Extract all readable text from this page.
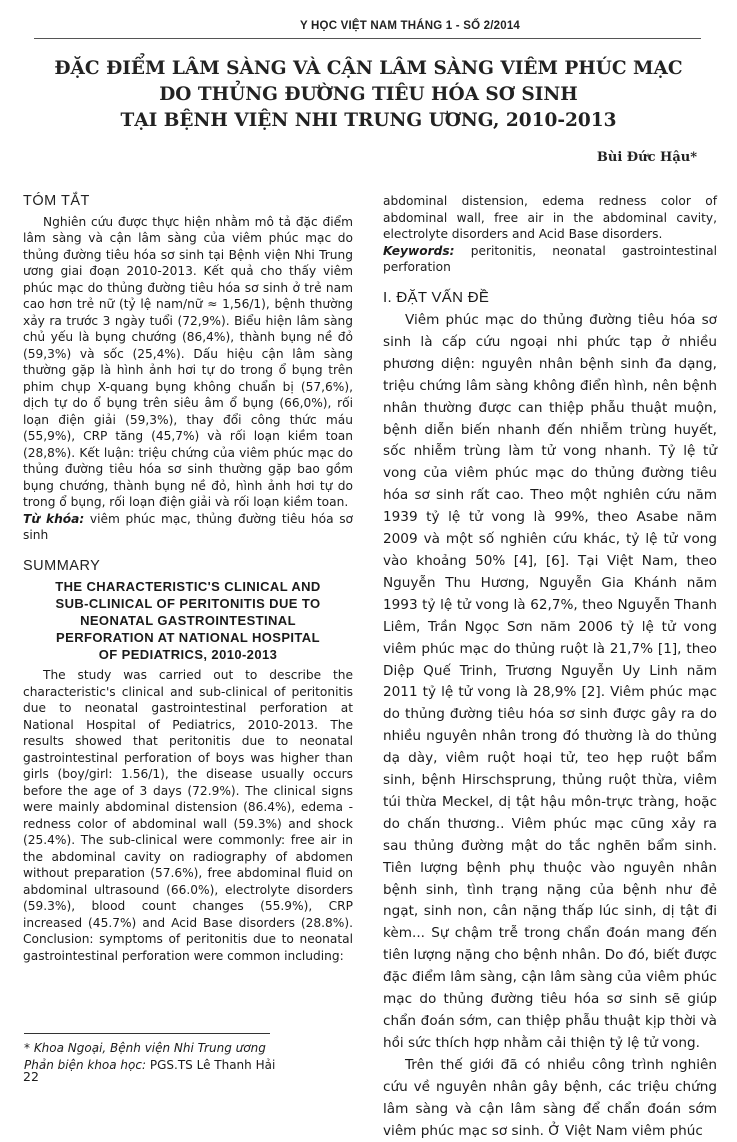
Y HỌC VIỆT NAM THÁNG 1 - SỐ 2/2014
ĐẶC ĐIỂM LÂM SÀNG VÀ CẬN LÂM SÀNG VIÊM PHÚC MẠC
DO THỦNG ĐƯỜNG TIÊU HÓA SƠ SINH
TẠI BỆNH VIỆN NHI TRUNG ƯƠNG, 2010-2013
Bùi Đức Hậu*
TÓM TẮT

Nghiên cứu được thực hiện nhằm mô tả đặc điểm lâm sàng và cận lâm sàng của viêm phúc mạc do thủng đường tiêu hóa sơ sinh tại Bệnh viện Nhi Trung ương giai đoạn 2010-2013. Kết quả cho thấy viêm phúc mạc do thủng đường tiêu hóa sơ sinh ở trẻ nam cao hơn trẻ nữ (tỷ lệ nam/nữ ≈ 1,56/1), bệnh thường xảy ra trước 3 ngày tuổi (72,9%). Biểu hiện lâm sàng chủ yếu là bụng chướng (86,4%), thành bụng nề đỏ (59,3%) và sốc (25,4%). Dấu hiệu cận lâm sàng thường gặp là hình ảnh hơi tự do trong ổ bụng trên phim chụp X-quang bụng không chuẩn bị (57,6%), dịch tự do ổ bụng trên siêu âm ổ bụng (66,0%), rối loạn điện giải (59,3%), thay đổi công thức máu (55,9%), CRP tăng (45,7%) và rối loạn kiềm toan (28,8%). Kết luận: triệu chứng của viêm phúc mạc do thủng đường tiêu hóa sơ sinh thường gặp bao gồm bụng chướng, thành bụng nề đỏ, hình ảnh hơi tự do trong ổ bụng, rối loạn điện giải và rối loạn kiềm toan.

Từ khóa: viêm phúc mạc, thủng đường tiêu hóa sơ sinh

SUMMARY
THE CHARACTERISTIC'S CLINICAL AND
SUB-CLINICAL OF PERITONITIS DUE TO
NEONATAL GASTROINTESTINAL
PERFORATION AT NATIONAL HOSPITAL
OF PEDIATRICS, 2010-2013

The study was carried out to describe the characteristic's clinical and sub-clinical of peritonitis due to neonatal gastrointestinal perforation at National Hospital of Pediatrics, 2010-2013. The results showed that peritonitis due to neonatal gastrointestinal perforation of boys was higher than girls (boy/girl: 1.56/1), the disease usually occurs before the age of 3 days (72.9%). The clinical signs were mainly abdominal distension (86.4%), edema - redness color of abdominal wall (59.3%) and shock (25.4%). The sub-clinical were commonly: free air in the abdominal cavity on radiography of abdomen without preparation (57.6%), free abdominal fluid on abdominal ultrasound (66.0%), electrolyte disorders (59.3%), blood count changes (55.9%), CRP increased (45.7%) and Acid Base disorders (28.8%). Conclusion: symptoms of peritonitis due to neonatal gastrointestinal perforation were common including:

abdominal distension, edema redness color of abdominal wall, free air in the abdominal cavity, electrolyte disorders and Acid Base disorders.

Keywords: peritonitis, neonatal gastrointestinal perforation

I. ĐẶT VẤN ĐỀ

Viêm phúc mạc do thủng đường tiêu hóa sơ sinh là cấp cứu ngoại nhi phức tạp ở nhiều phương diện: nguyên nhân bệnh sinh đa dạng, triệu chứng lâm sàng không điển hình, nên bệnh nhân thường được can thiệp phẫu thuật muộn, bệnh diễn biến nhanh đến nhiễm trùng huyết, sốc nhiễm trùng làm tử vong nhanh. Tỷ lệ tử vong của viêm phúc mạc do thủng đường tiêu hóa sơ sinh rất cao. Theo một nghiên cứu năm 1939 tỷ lệ tử vong là 99%, theo Asabe năm 2009 và một số nghiên cứu khác, tỷ lệ tử vong vào khoảng 50% [4], [6]. Tại Việt Nam, theo Nguyễn Thu Hương, Nguyễn Gia Khánh năm 1993 tỷ lệ tử vong là 62,7%, theo Nguyễn Thanh Liêm, Trần Ngọc Sơn năm 2006 tỷ lệ tử vong viêm phúc mạc do thủng ruột là 21,7% [1], theo Diệp Quế Trinh, Trương Nguyễn Uy Linh năm 2011 tỷ lệ tử vong là 28,9% [2]. Viêm phúc mạc do thủng đường tiêu hóa sơ sinh được gây ra do nhiều nguyên nhân trong đó thường là do thủng dạ dày, viêm ruột hoại tử, teo hẹp ruột bẩm sinh, bệnh Hirschsprung, thủng ruột thừa, viêm túi thừa Meckel, dị tật hậu môn-trực tràng, hoặc do chấn thương.. Viêm phúc mạc cũng xảy ra sau thủng đường mật do tắc nghẽn bẩm sinh. Tiên lượng bệnh phụ thuộc vào nguyên nhân bệnh sinh, tình trạng nặng của bệnh như đẻ ngạt, sinh non, cân nặng thấp lúc sinh, dị tật đi kèm... Sự chậm trễ trong chẩn đoán mang đến tiên lượng nặng cho bệnh nhân. Do đó, biết được đặc điểm lâm sàng, cận lâm sàng của viêm phúc mạc do thủng đường tiêu hóa sơ sinh sẽ giúp chẩn đoán sớm, can thiệp phẫu thuật kịp thời và hồi sức thích hợp nhằm cải thiện tỷ lệ tử vong.

Trên thế giới đã có nhiều công trình nghiên cứu về nguyên nhân gây bệnh, các triệu chứng lâm sàng và cận lâm sàng để chẩn đoán sớm viêm phúc mạc sơ sinh. Ở Việt Nam viêm phúc

* Khoa Ngoại, Bệnh viện Nhi Trung ương
Phản biện khoa học: PGS.TS Lê Thanh Hải
22
